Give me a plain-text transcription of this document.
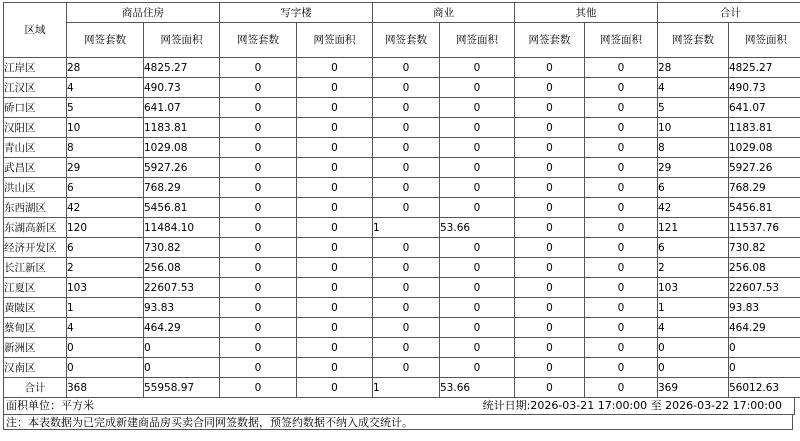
区域	商品住房		写字楼		商业		其他		合计	
	网签套数	网签面积	网签套数	网签面积	网签套数	网签面积	网签套数	网签面积	网签套数	网签面积
江岸区	28	4825.27	0	0	0	0	0	0	28	4825.27
江汉区	4	490.73	0	0	0	0	0	0	4	490.73
硚口区	5	641.07	0	0	0	0	0	0	5	641.07
汉阳区	10	1183.81	0	0	0	0	0	0	10	1183.81
青山区	8	1029.08	0	0	0	0	0	0	8	1029.08
武昌区	29	5927.26	0	0	0	0	0	0	29	5927.26
洪山区	6	768.29	0	0	0	0	0	0	6	768.29
东西湖区	42	5456.81	0	0	0	0	0	0	42	5456.81
东湖高新区	120	11484.10	0	0	1	53.66	0	0	121	11537.76
经济开发区	6	730.82	0	0	0	0	0	0	6	730.82
长江新区	2	256.08	0	0	0	0	0	0	2	256.08
江夏区	103	22607.53	0	0	0	0	0	0	103	22607.53
黄陂区	1	93.83	0	0	0	0	0	0	1	93.83
蔡甸区	4	464.29	0	0	0	0	0	0	4	464.29
新洲区	0	0	0	0	0	0	0	0	0	0
汉南区	0	0	0	0	0	0	0	0	0	0
合计	368	55958.97	0	0	1	53.66	0	0	369	56012.63
面积单位：平方米	统计日期:2026-03-21 17:00:00 至 2026-03-22 17:00:00
注：本表数据为已完成新建商品房买卖合同网签数据，预签约数据不纳入成交统计。
